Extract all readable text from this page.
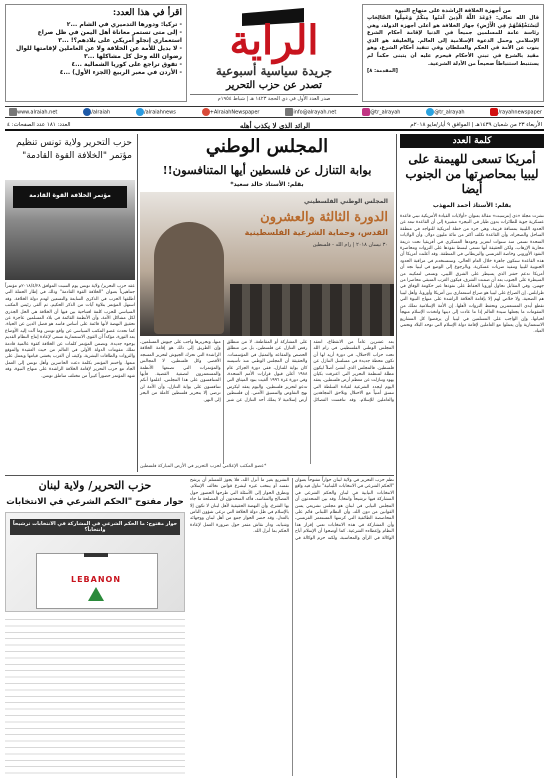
الراية
جريدة سياسية أسبوعية
تصدر عن حزب التحرير
صدر العدد الأول في ذي الحجة ١٤٢٣ هـ | شباط ١٩٥٤م
من أجهزة الخلافة الراشدة على منهاج النبوة
قال الله تعالى: ﴿وَعَدَ اللَّهُ الَّذِينَ آمَنُوا مِنكُمْ وَعَمِلُوا الصَّالِحَاتِ لَيَسْتَخْلِفَنَّهُمْ فِي الْأَرْضِ﴾ جهاز الخلافة هو أعلى أجهزة الدولة، وهي رئاسة عامة للمسلمين جميعاً في الدنيا لإقامة أحكام الشرع الإسلامي وحمل الدعوة الإسلامية إلى العالم. والخليفة هو الذي ينوب عن الأمة في الحكم والسلطان وفي تنفيذ أحكام الشرع، وهو مقيد بالشرع في تبني الأحكام فيحرم عليه أن يتبنى حكماً لم يستنبط استنباطاً صحيحاً من الأدلة الشرعية.
[المقدمة: ٨]
اقرأ في هذا العدد:
- تركيا: ودورها التدميري في الشام ...٢
- إلى متى تستمر معاناة أهل اليمن في ظل صراع استعماري إنجلو أمريكي على بلادهم؟! ...٣
- لا بديل للأمة عن الخلافة ولا عن العاملين لإقامتها للوال رضوان الله وحل كل مشاكلها ...٣
- تفوق تراجع على كوريا الشمالية ...٤
- الأردن في معبر الربيع (الجزء الأول) ...٤
/rayahnewspaper
@tr_alrayah
@tr_alrayah
info@alrayah.net
+AlraiahNewspaper
/alraiahnews
/alraiah
www.alraiah.net
الأربعاء ٢٣ من شعبان ١٤٣٩هـ | الموافق ٩ أيار/مايو ٢٠١٨م
الرائد الذي لا يكذب أهله
العدد: ١٨١ عدد الصفحات: ٤
كلمة العدد
أمريكا تسعى للهيمنة على ليبيا بمحاصرتها من الجنوب أيضا
بقلم: الأستاذ أحمد المهذب
نشرت مجلة «ذي إنترسبت» مقالة بعنوان «أولايات القيادة الأمريكية تبني قاعدة عسكرية جوية للطائرات بدون طيار في النيجر» مشيرة إلى أن القاعدة تبعد عن الحدود الليبية بمسافة قريبة، وهي جزء من خطة أمريكية للتواجد في منطقة الساحل والصحراء، وأن القاعدة تكلف أكثر من مائة مليون دولار. وأن الولايات المتحدة تسعى منذ سنوات لتعزيز وجودها العسكري في أفريقيا تحت ذريعة محاربة الإرهاب، ولكن الحقيقة أنها تسعى لبسط نفوذها على الثروات ومحاصرة النفوذ الأوروبي وخاصة الفرنسي والبريطاني في المنطقة. وقد أعلنت أمريكا أن هذه القاعدة ستكون جاهزة خلال العام الحالي، وستستخدم في مراقبة الحدود الجنوبية لليبيا وتنفيذ ضربات عسكرية. وبالرجوع إلى الوضع في ليبيا نجد أن أمريكا تدعم حفتر الذي يسيطر على الشرق الليبي، وتسعى لتمكينه من السيطرة على الجنوب بعد أن ضمنت الشرق، فيكون الغرب المتبقي محاصرا من جهتين. وفي المقابل تحاول أوروبا الحفاظ على نفوذها عبر حكومة الوفاق في طرابلس. إن الصراع على ليبيا هو صراع استعماري بين أمريكا وأوروبا، وأهل ليبيا هم الضحية، ولا خلاص لهم إلا بإقامة الخلافة الراشدة على منهاج النبوة التي تقطع أيدي المستعمرين وتحفظ الثروات لأهلها. إن الأمة الإسلامية تملك من المقومات ما يجعلها سيدة العالم إذا ما عادت إلى دينها واتخذت الإسلام منهجاً لحياتها، وإن الواجب على المسلمين في ليبيا أن يرفضوا كل المشاريع الاستعمارية وأن يعملوا مع العاملين لإقامة دولة الإسلام التي توحد البلاد وتحمي العباد.
المجلس الوطني
بوابة التنازل عن فلسطين أيها المتنافسون!!
بقلم: الأستاذ خالد سعيد*
المجلس الوطني الفلسطيني
الدورة الثالثة والعشرون
القدس، وحماية الشرعية الفلسطينية
٣٠ نيسان ٢٠١٨ | رام الله - فلسطين
بعد عشرين عاماً من الانقطاع، انعقد المجلس الوطني الفلسطيني في رام الله تحت حراب الاحتلال، في دورة أريد لها أن تكون محطة جديدة في مسلسل التنازل عن فلسطين. فالمجلس الذي أنشئ أصلاً ليكون مظلة لمنظمة التحرير التي اعترفت بكيان يهود وتنازلت عن معظم أرض فلسطين، يعقد اليوم ليجدد الشرعية لقيادة السلطة التي تنسق أمنياً مع الاحتلال وتلاحق المجاهدين والعاملين للإسلام. وقد تنافست الفصائل على المشاركة أو المقاطعة، لا من منطلق رفض التنازل عن فلسطين، بل من منطلق الحصص والمقاعد والتمثيل في المؤسسات. والحقيقة أن المجلس الوطني منذ تأسيسه كان بوابة للتنازل، ففي دورة الجزائر عام ١٩٨٨ أعلن قبول قرارات الأمم المتحدة، وفي دورة غزة ١٩٩٦ ألغيت بنود الميثاق التي تدعو لتحرير فلسطين، واليوم يعقد ليكرس نهج التفاوض والتنسيق الأمني. إن فلسطين أرض إسلامية لا يملك أحد التنازل عن شبر منها، وتحريرها واجب على جيوش المسلمين، وإن الطريق إلى ذلك هو إقامة الخلافة الراشدة التي تحرك الجيوش لتحرير المسجد الأقصى وكل فلسطين، لا المجالس والمؤتمرات التي تصنعها الأنظمة والمستعمرون لتصفية القضية. فأيها المتنافسون على هذا المجلس، اعلموا أنكم تتنافسون على بوابة التنازل، وأن الأمة لن ترضى إلا بتحرير فلسطين كاملة من البحر إلى النهر.
*عضو المكتب الإعلامي لحزب التحرير في الأرض المباركة فلسطين
حزب التحرير ولاية تونس تنظيم مؤتمر "الخلافة القوة القادمة"
مؤتمر الخلافة القوة القادمة
عقد حزب التحرير/ ولاية تونس يوم السبت الموافق ٢٠١٨/٤/٢٨م مؤتمراً جماهيرياً بعنوان "الخلافة القوة القادمة" وذلك في إطار الحملة التي أطلقها الحزب في الذكرى السابعة والتسعين لهدم دولة الخلافة. وقد استهل المؤتمر بتلاوة آيات من الذكر الحكيم، ثم ألقى رئيس المكتب السياسي للحزب كلمة افتتاحية بين فيها أن الخلافة هي الحل الجذري لكل مشاكل الأمة، وأن الأنظمة القائمة في بلاد المسلمين عاجزة عن تحقيق النهضة لأنها قائمة على أساس فاسد هو فصل الدين عن الحياة. كما تحدث عضو المكتب السياسي عن واقع تونس وما آلت إليه الأوضاع بعد الثورة، مؤكداً أن القوى الاستعمارية تسعى لإعادة إنتاج النظام القديم بوجوه جديدة. وتضمن المؤتمر كلمات عن الخلافة كقوة عالمية قادمة تملك مقومات الدولة الأولى في العالم من حيث العقيدة والموقع والثروات والطاقات البشرية، وكيف أن الغرب يخشى قيامها ويعمل على منعها. واختتم المؤتمر بكلمة دعت الحاضرين وأهل تونس إلى العمل الجاد مع حزب التحرير لإقامة الخلافة الراشدة على منهاج النبوة، وقد شهد المؤتمر حضوراً كبيراً من مختلف مناطق تونس.
حزب التحرير/ ولاية لبنان
حوار مفتوح "الحكم الشرعي في الانتخابات
حوار مفتوح: ما الحكم الشرعي في المشاركة في الانتخابات ترشيحاً وانتخاباً؟
LEBANON
نظم حزب التحرير في ولاية لبنان حواراً مفتوحاً بعنوان "الحكم الشرعي في الانتخابات اللبنانية" تناول فيه واقع الانتخابات النيابية في لبنان والحكم الشرعي في المشاركة فيها ترشيحاً وانتخاباً. وقد بين المتحدثون أن المجلس النيابي في لبنان هو مجلس تشريعي يسن القوانين من دون الله، وأن النظام اللبناني قائم على المحاصصة الطائفية التي كرسها المستعمر الفرنسي، وأن المشاركة في هذه الانتخابات تعني إقرار هذا النظام وإعطاءه الشرعية. كما أوضحوا أن الإسلام أباح الوكالة في الرأي والمحاسبة، ولكنه حرم الوكالة في التشريع بغير ما أنزل الله، فلا يجوز للمسلم أن يرشح نفسه أو ينتخب غيره ليشرع قوانين تخالف الإسلام. وتطرق الحوار إلى الأسئلة التي طرحها الحضور حول المصالح والمفاسد، فأكد المتحدثون أن المصلحة ما جاء بها الشرع، وأن النهضة الحقيقية لأهل لبنان لا تكون إلا بالإسلام في ظل دولة الخلافة التي ترعى شؤون الناس بالعدل. وقد حضر الحوار جمع من أهل لبنان ووجهائه وشبابه، ودار نقاش مثمر حول ضرورة العمل لإعادة الحكم بما أنزل الله.
